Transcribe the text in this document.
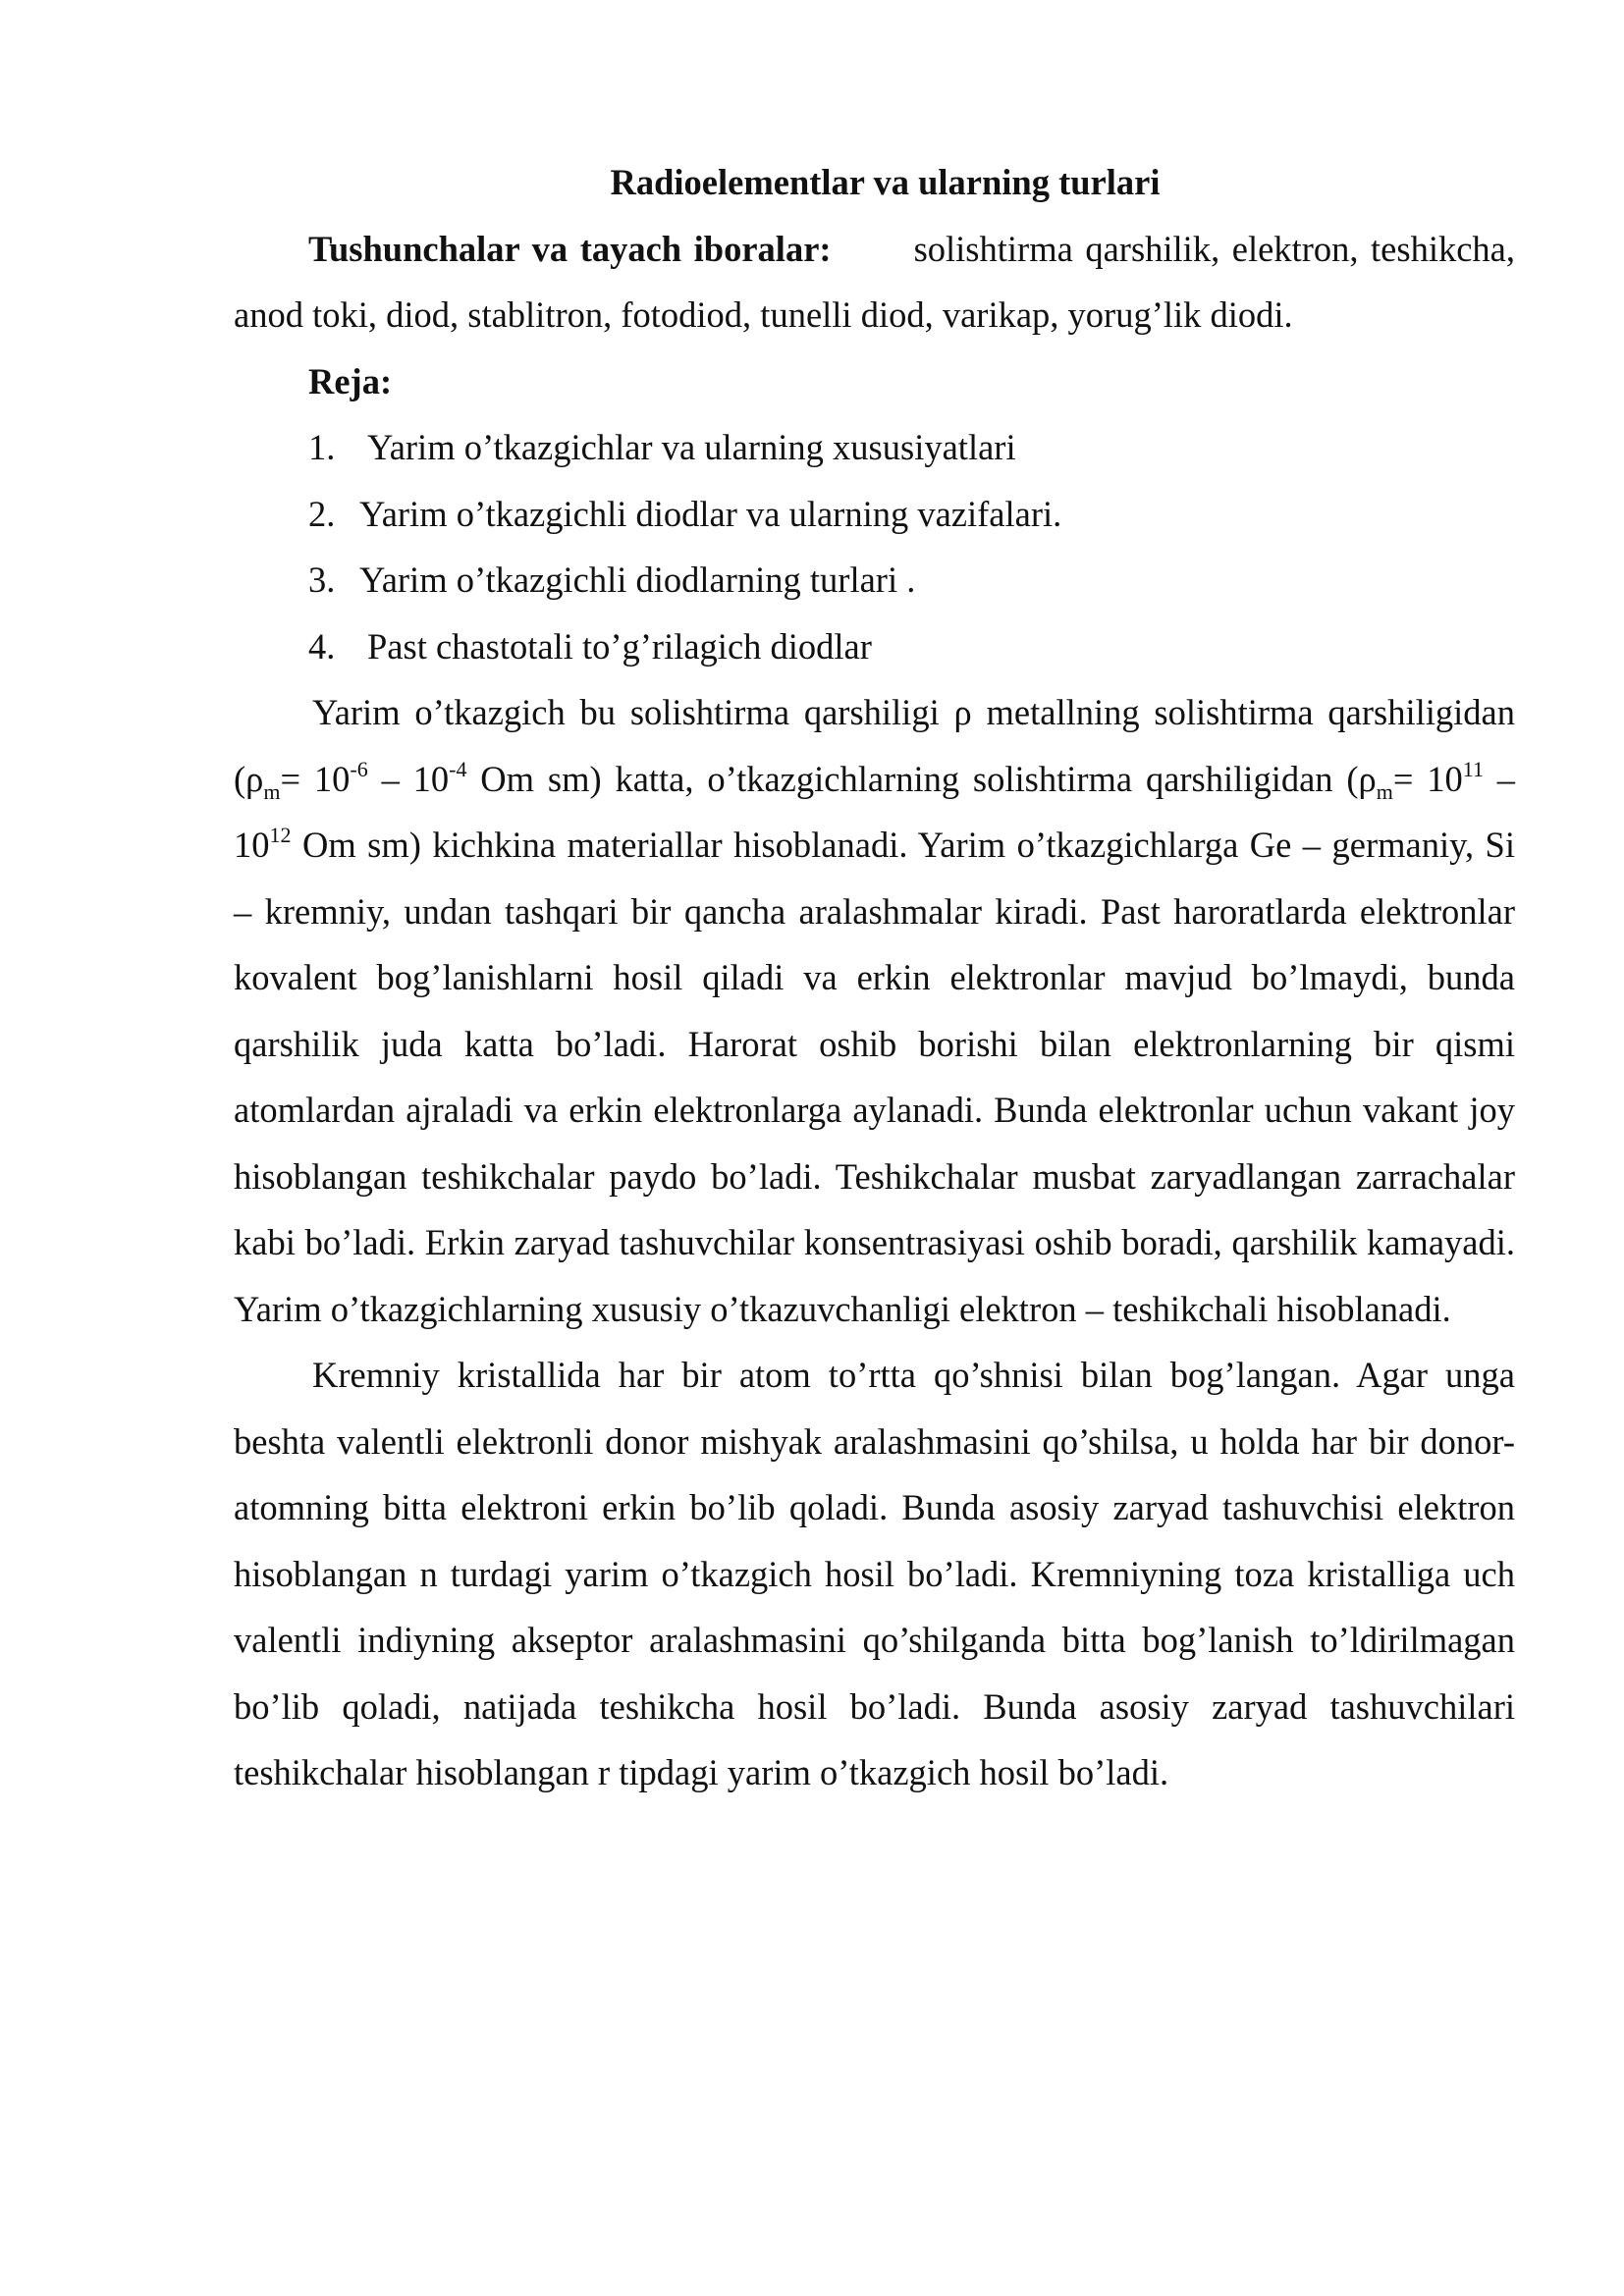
Radioelementlar va ularning turlari

Tushunchalar va tayach iboralar: solishtirma qarshilik, elektron, teshikcha, anod toki, diod, stablitron, fotodiod, tunelli diod, varikap, yorug’lik diodi.

Reja:

1. Yarim o’tkazgichlar va ularning xususiyatlari
2. Yarim o’tkazgichli diodlar va ularning vazifalari.
3. Yarim o’tkazgichli diodlarning turlari .
4. Past chastotali to’g’rilagich diodlar

Yarim o’tkazgich bu solishtirma qarshiligi ρ metallning solishtirma qarshiligidan ($\rho_m= 10^{-6} - 10^{-4}$ Om sm) katta, o’tkazgichlarning solishtirma qarshiligidan ($\rho_m= 10^{11} - 10^{12}$ Om sm) kichkina materiallar hisoblanadi. Yarim o’tkazgichlarga Ge – germaniy, Si – kremniy, undan tashqari bir qancha aralashmalar kiradi. Past haroratlarda elektronlar kovalent bog’lanishlarni hosil qiladi va erkin elektronlar mavjud bo’lmaydi, bunda qarshilik juda katta bo’ladi. Harorat oshib borishi bilan elektronlarning bir qismi atomlardan ajraladi va erkin elektronlarga aylanadi. Bunda elektronlar uchun vakant joy hisoblangan teshikchalar paydo bo’ladi. Teshikchalar musbat zaryadlangan zarrachalar kabi bo’ladi. Erkin zaryad tashuvchilar konsentrasiyasi oshib boradi, qarshilik kamayadi. Yarim o’tkazgichlarning xususiy o’tkazuvchanligi elektron – teshikchali hisoblanadi.

Kremniy kristallida har bir atom to’rtta qo’shnisi bilan bog’langan. Agar unga beshta valentli elektronli donor mishyak aralashmasini qo’shilsa, u holda har bir donor-atomning bitta elektroni erkin bo’lib qoladi. Bunda asosiy zaryad tashuvchisi elektron hisoblangan n turdagi yarim o’tkazgich hosil bo’ladi. Kremniyning toza kristalliga uch valentli indiyning akseptor aralashmasini qo’shilganda bitta bog’lanish to’ldirilmagan bo’lib qoladi, natijada teshikcha hosil bo’ladi. Bunda asosiy zaryad tashuvchilari teshikchalar hisoblangan r tipdagi yarim o’tkazgich hosil bo’ladi.
